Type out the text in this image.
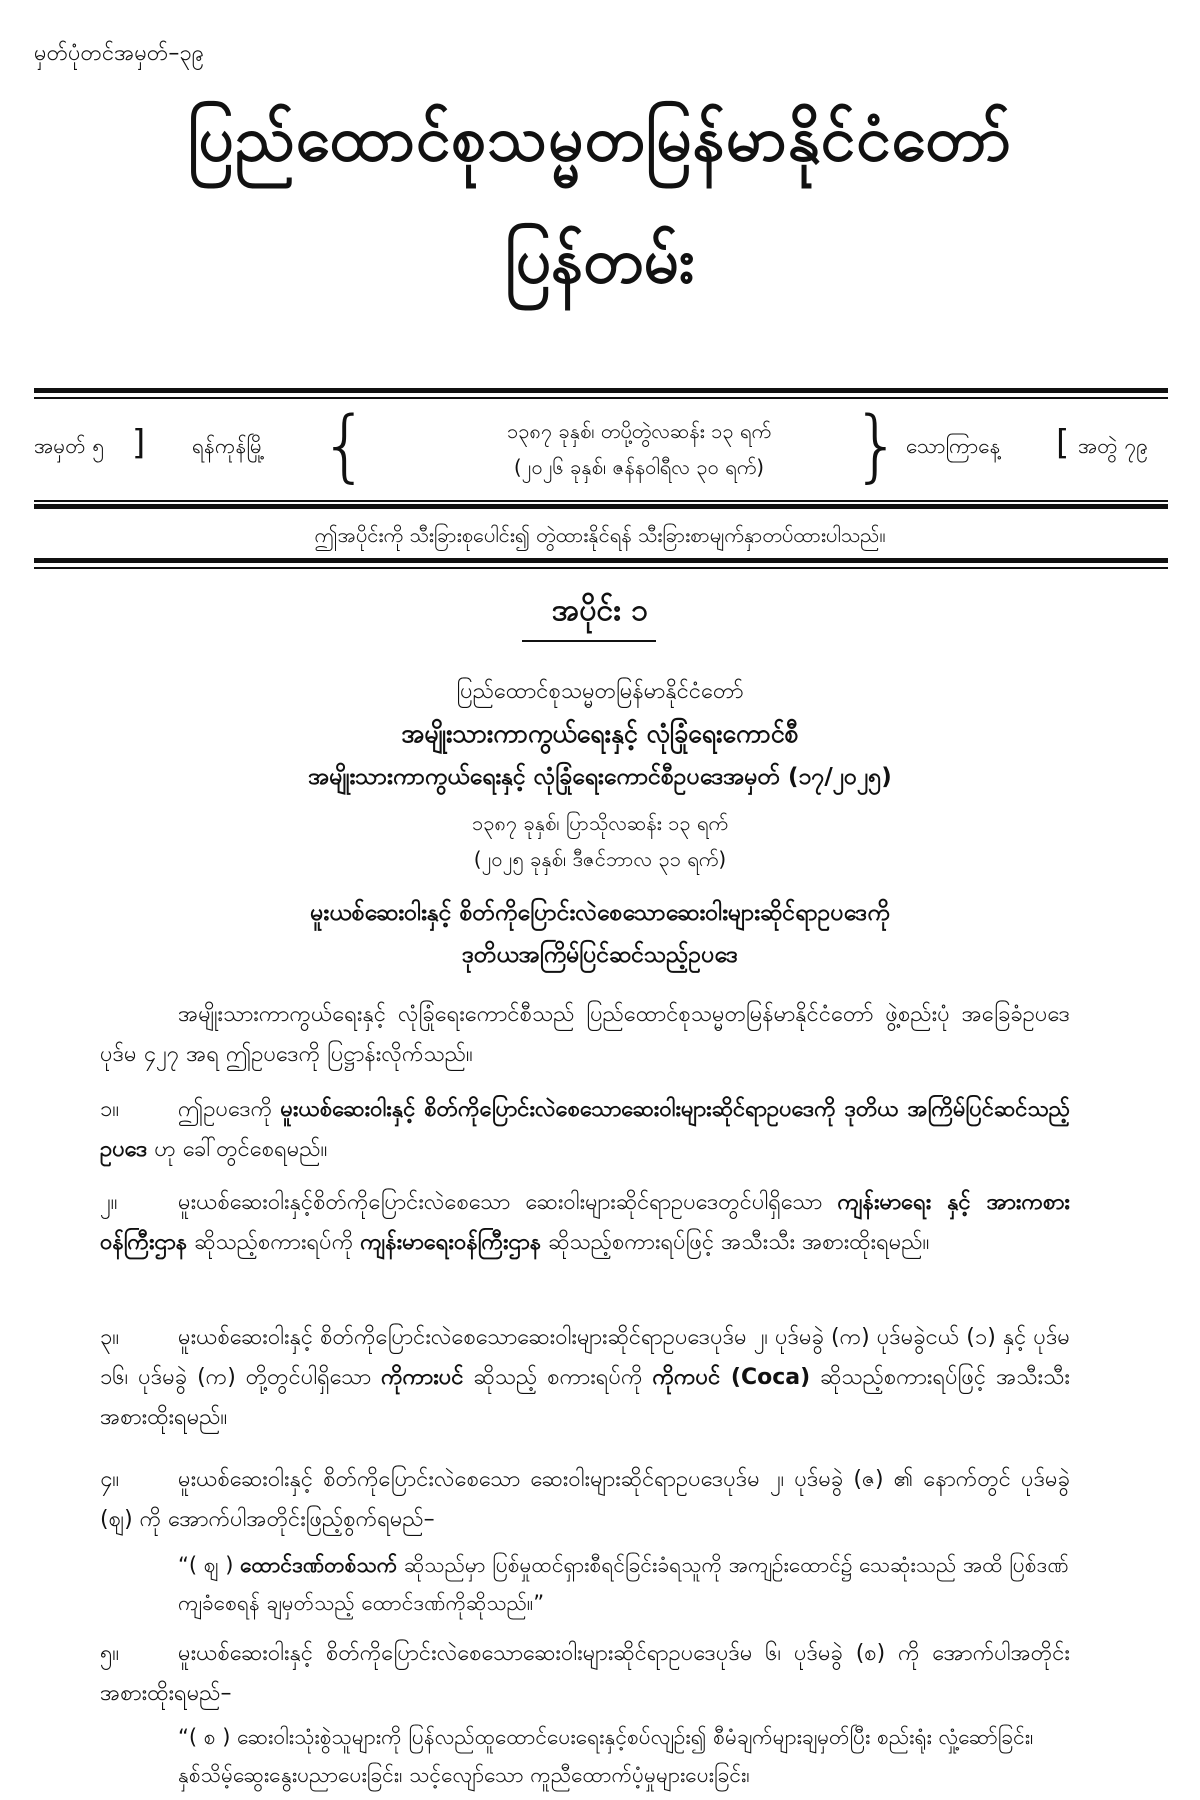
မှတ်ပုံတင်အမှတ်–၃၉
ပြည်ထောင်စုသမ္မတမြန်မာနိုင်ငံတော်
ပြန်တမ်း
အမှတ် ၅ ] ရန်ကုန်မြို့ {	၁၃၈၇ ခုနှစ်၊ တပို့တွဲလဆန်း ၁၃ ရက်
(၂၀၂၆ ခုနှစ်၊ ဇန်နဝါရီလ ၃၀ ရက်)	} သောကြာနေ့ [ အတွဲ ၇၉
ဤအပိုင်းကို သီးခြားစုပေါင်း၍ တွဲထားနိုင်ရန် သီးခြားစာမျက်နှာတပ်ထားပါသည်။
အပိုင်း ၁
ပြည်ထောင်စုသမ္မတမြန်မာနိုင်ငံတော်
အမျိုးသားကာကွယ်ရေးနှင့် လုံခြုံရေးကောင်စီ
အမျိုးသားကာကွယ်ရေးနှင့် လုံခြုံရေးကောင်စီဥပဒေအမှတ် (၁၇/၂၀၂၅)
၁၃၈၇ ခုနှစ်၊ ပြာသိုလဆန်း ၁၃ ရက်
(၂၀၂၅ ခုနှစ်၊ ဒီဇင်ဘာလ ၃၁ ရက်)
မူးယစ်ဆေးဝါးနှင့် စိတ်ကိုပြောင်းလဲစေသောဆေးဝါးများဆိုင်ရာဥပဒေကို
ဒုတိယအကြိမ်ပြင်ဆင်သည့်ဥပဒေ
အမျိုးသားကာကွယ်ရေးနှင့် လုံခြုံရေးကောင်စီသည် ပြည်ထောင်စုသမ္မတမြန်မာနိုင်ငံတော် ဖွဲ့စည်းပုံ အခြေခံဥပဒေပုဒ်မ ၄၂၇ အရ ဤဥပဒေကို ပြဋ္ဌာန်းလိုက်သည်။
၁။	ဤဥပဒေကို မူးယစ်ဆေးဝါးနှင့် စိတ်ကိုပြောင်းလဲစေသောဆေးဝါးများဆိုင်ရာဥပဒေကို ဒုတိယ အကြိမ်ပြင်ဆင်သည့်ဥပဒေ ဟု ခေါ်တွင်စေရမည်။
၂။	မူးယစ်ဆေးဝါးနှင့်စိတ်ကိုပြောင်းလဲစေသော ဆေးဝါးများဆိုင်ရာဥပဒေတွင်ပါရှိသော ကျန်းမာရေး နှင့် အားကစားဝန်ကြီးဌာန ဆိုသည့်စကားရပ်ကို ကျန်းမာရေးဝန်ကြီးဌာန ဆိုသည့်စကားရပ်ဖြင့် အသီးသီး အစားထိုးရမည်။
၃။	မူးယစ်ဆေးဝါးနှင့် စိတ်ကိုပြောင်းလဲစေသောဆေးဝါးများဆိုင်ရာဥပဒေပုဒ်မ ၂၊ ပုဒ်မခွဲ (က) ပုဒ်မခွဲငယ် (၁) နှင့် ပုဒ်မ ၁၆၊ ပုဒ်မခွဲ (က) တို့တွင်ပါရှိသော ကိုကားပင် ဆိုသည့် စကားရပ်ကို ကိုကပင် (Coca) ဆိုသည့်စကားရပ်ဖြင့် အသီးသီးအစားထိုးရမည်။
၄။	မူးယစ်ဆေးဝါးနှင့် စိတ်ကိုပြောင်းလဲစေသော ဆေးဝါးများဆိုင်ရာဥပဒေပုဒ်မ ၂၊ ပုဒ်မခွဲ (ဇ) ၏ နောက်တွင် ပုဒ်မခွဲ (ဈ) ကို အောက်ပါအတိုင်းဖြည့်စွက်ရမည်–
“( ဈ ) ထောင်ဒဏ်တစ်သက် ဆိုသည်မှာ ပြစ်မှုထင်ရှားစီရင်ခြင်းခံရသူကို အကျဉ်းထောင်၌ သေဆုံးသည် အထိ ပြစ်ဒဏ်ကျခံစေရန် ချမှတ်သည့် ထောင်ဒဏ်ကိုဆိုသည်။”
၅။	မူးယစ်ဆေးဝါးနှင့် စိတ်ကိုပြောင်းလဲစေသောဆေးဝါးများဆိုင်ရာဥပဒေပုဒ်မ ၆၊ ပုဒ်မခွဲ (စ) ကို အောက်ပါအတိုင်းအစားထိုးရမည်–
“( စ ) ဆေးဝါးသုံးစွဲသူများကို ပြန်လည်ထူထောင်ပေးရေးနှင့်စပ်လျဉ်း၍ စီမံချက်များချမှတ်ပြီး စည်းရုံး လှုံ့ဆော်ခြင်း၊ နှစ်သိမ့်ဆွေးနွေးပညာပေးခြင်း၊ သင့်လျော်သော ကူညီထောက်ပံ့မှုများပေးခြင်း၊
